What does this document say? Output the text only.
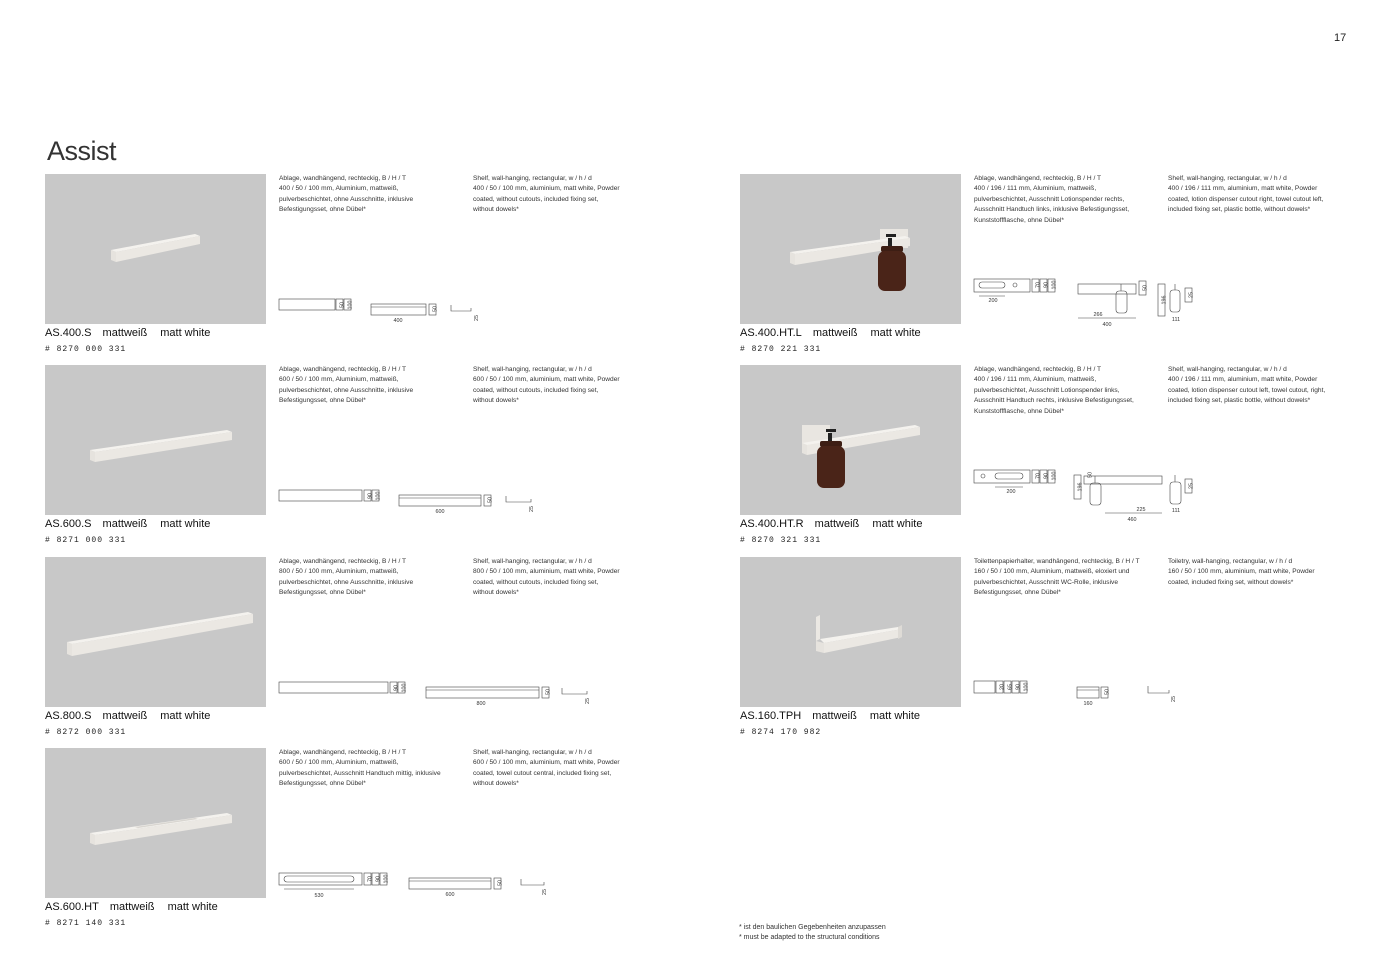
17
Assist
AS.400.S mattweiß matt white
# 8270 000 331
Ablage, wandhängend, rechteckig, B / H / T
400 / 50 / 100 mm, Aluminium, mattweiß,
pulverbeschichtet, ohne Ausschnitte, inklusive
Befestigungsset, ohne Dübel*
Shelf, wall-hanging, rectangular, w / h / d
400 / 50 / 100 mm, aluminium, matt white, Powder
coated, without cutouts, included fixing set,
without dowels*
50 100
400
50
25
AS.600.S mattweiß matt white
# 8271 000 331
Ablage, wandhängend, rechteckig, B / H / T
600 / 50 / 100 mm, Aluminium, mattweiß,
pulverbeschichtet, ohne Ausschnitte, inklusive
Befestigungsset, ohne Dübel*
Shelf, wall-hanging, rectangular, w / h / d
600 / 50 / 100 mm, aluminium, matt white, Powder
coated, without cutouts, included fixing set,
without dowels*
90 100
600
50
25
AS.800.S mattweiß matt white
# 8272 000 331
Ablage, wandhängend, rechteckig, B / H / T
800 / 50 / 100 mm, Aluminium, mattweiß,
pulverbeschichtet, ohne Ausschnitte, inklusive
Befestigungsset, ohne Dübel*
Shelf, wall-hanging, rectangular, w / h / d
800 / 50 / 100 mm, aluminium, matt white, Powder
coated, without cutouts, included fixing set,
without dowels*
90 100
800
50
25
AS.600.HT mattweiß matt white
# 8271 140 331
Ablage, wandhängend, rechteckig, B / H / T
600 / 50 / 100 mm, Aluminium, mattweiß,
pulverbeschichtet, Ausschnitt Handtuch mittig, inklusive
Befestigungsset, ohne Dübel*
Shelf, wall-hanging, rectangular, w / h / d
600 / 50 / 100 mm, aluminium, matt white, Powder
coated, towel cutout central, included fixing set,
without dowels*
530
70 90 100
600
50
25
AS.400.HT.L mattweiß matt white
# 8270 221 331
Ablage, wandhängend, rechteckig, B / H / T
400 / 196 / 111 mm, Aluminium, mattweiß,
pulverbeschichtet, Ausschnitt Lotionspender rechts,
Ausschnitt Handtuch links, inklusive Befestigungsset,
Kunststoffflasche, ohne Dübel*
Shelf, wall-hanging, rectangular, w / h / d
400 / 196 / 111 mm, aluminium, matt white, Powder
coated, lotion dispenser cutout right, towel cutout left,
included fixing set, plastic bottle, without dowels*
200
70 90 100	50
196
266
400
25
111
AS.400.HT.R mattweiß matt white
# 8270 321 331
Ablage, wandhängend, rechteckig, B / H / T
400 / 196 / 111 mm, Aluminium, mattweiß,
pulverbeschichtet, Ausschnitt Lotionspender links,
Ausschnitt Handtuch rechts, inklusive Befestigungsset,
Kunststoffflasche, ohne Dübel*
Shelf, wall-hanging, rectangular, w / h / d
400 / 196 / 111 mm, aluminium, matt white, Powder
coated, lotion dispenser cutout left, towel cutout, right,
included fixing set, plastic bottle, without dowels*
200
70 90 100
196
50
225
460
25
111
AS.160.TPH mattweiß matt white
# 8274 170 982
Toilettenpapierhalter, wandhängend, rechteckig, B / H / T
160 / 50 / 100 mm, Aluminium, mattweiß, eloxiert und
pulverbeschichtet, Ausschnitt WC-Rolle, inklusive
Befestigungsset, ohne Dübel*
Toiletry, wall-hanging, rectangular, w / h / d
160 / 50 / 100 mm, aluminium, matt white, Powder
coated, included fixing set, without dowels*
20 65 90 100
50
160
25
* ist den baulichen Gegebenheiten anzupassen
* must be adapted to the structural conditions
